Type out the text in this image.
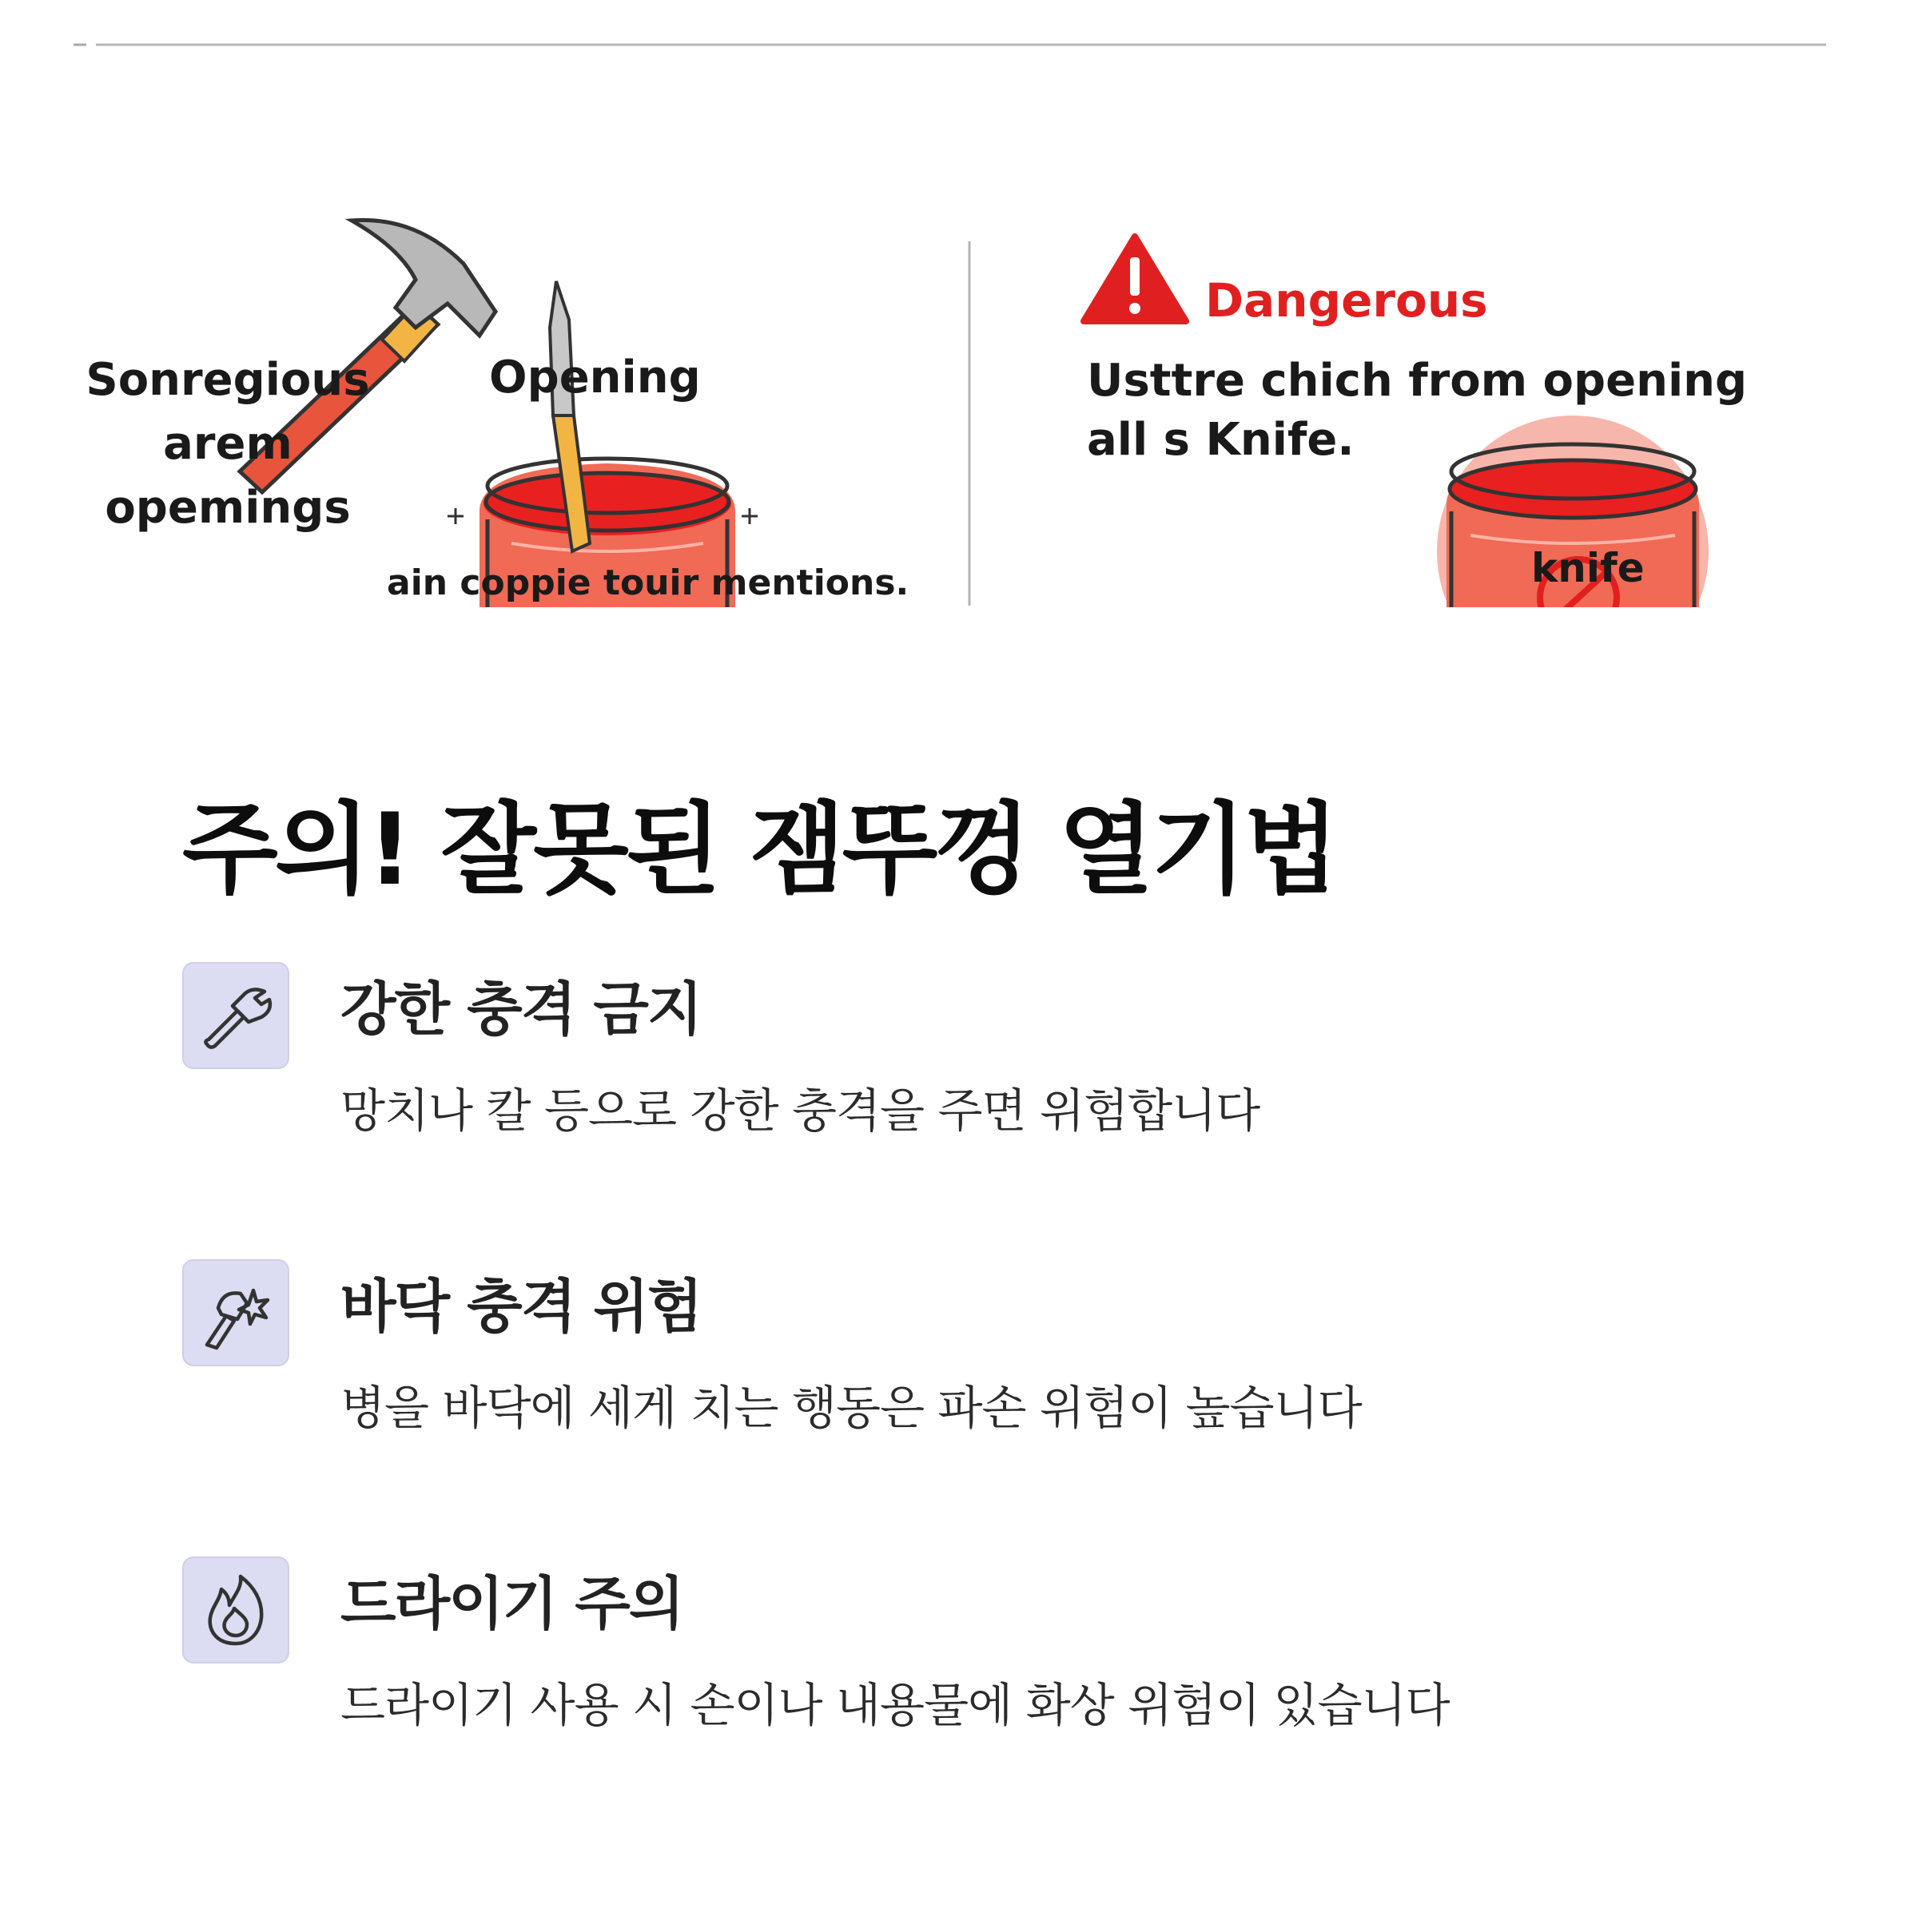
Sonregious
arem
opemings
Opening
ain coppie touir mentions.
Dangerous
Usttre chich from opening
all s Knife.
knife
주의! 잘못된 잼뚜껑 열기법
강한 충격 금지

망치나 칼 등으로 강한 충격을 주면 위험합니다

바닥 충격 위험

병을 바닥에 세게 치는 행동은 파손 위험이 높습니다

드라이기 주의

드라이기 사용 시 손이나 내용물에 화상 위험이 있습니다
